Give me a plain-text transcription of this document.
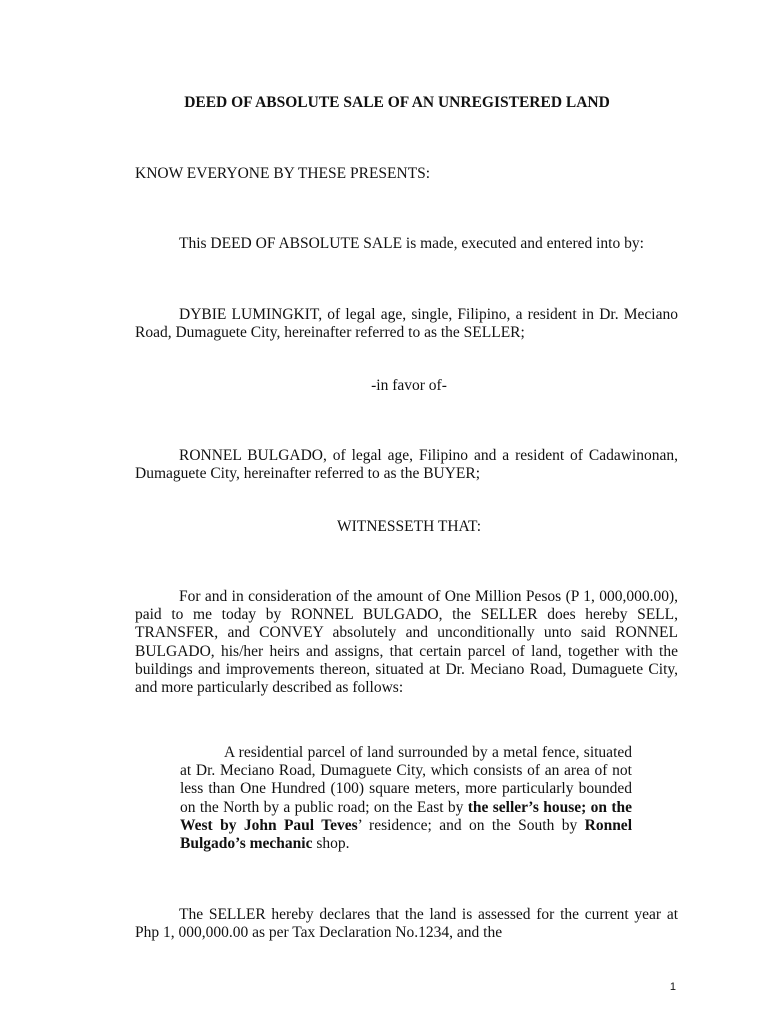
DEED OF ABSOLUTE SALE OF AN UNREGISTERED LAND
KNOW EVERYONE BY THESE PRESENTS:
This DEED OF ABSOLUTE SALE is made, executed and entered into by:
DYBIE LUMINGKIT, of legal age, single, Filipino, a resident in Dr. Meciano Road, Dumaguete City, hereinafter referred to as the SELLER;
-in favor of-
RONNEL BULGADO, of legal age, Filipino and a resident of Cadawinonan, Dumaguete City, hereinafter referred to as the BUYER;
WITNESSETH THAT:
For and in consideration of the amount of One Million Pesos (P 1, 000,000.00), paid to me today by RONNEL BULGADO, the SELLER does hereby SELL, TRANSFER, and CONVEY absolutely and unconditionally unto said RONNEL BULGADO, his/her heirs and assigns, that certain parcel of land, together with the buildings and improvements thereon, situated at Dr. Meciano Road, Dumaguete City, and more particularly described as follows:
A residential parcel of land surrounded by a metal fence, situated at Dr. Meciano Road, Dumaguete City, which consists of an area of not less than One Hundred (100) square meters, more particularly bounded on the North by a public road; on the East by the seller’s house; on the West by John Paul Teves’ residence; and on the South by Ronnel Bulgado’s mechanic shop.
The SELLER hereby declares that the land is assessed for the current year at Php 1, 000,000.00 as per Tax Declaration No.1234, and the
1
